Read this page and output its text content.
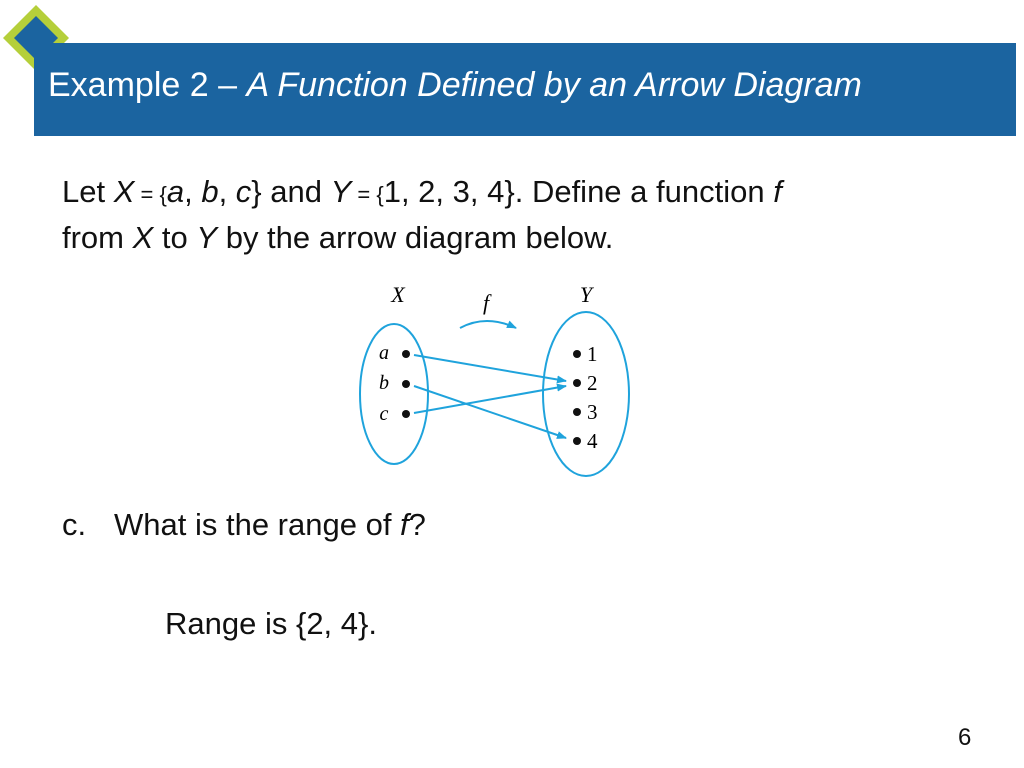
Example 2 – A Function Defined by an Arrow Diagram
Let X = {a, b, c} and Y = {1, 2, 3, 4}. Define a function f
from X to Y by the arrow diagram below.
X	Y
f
a
b
c
1
2
3
4
c. What is the range of f?
Range is {2, 4}.
6
